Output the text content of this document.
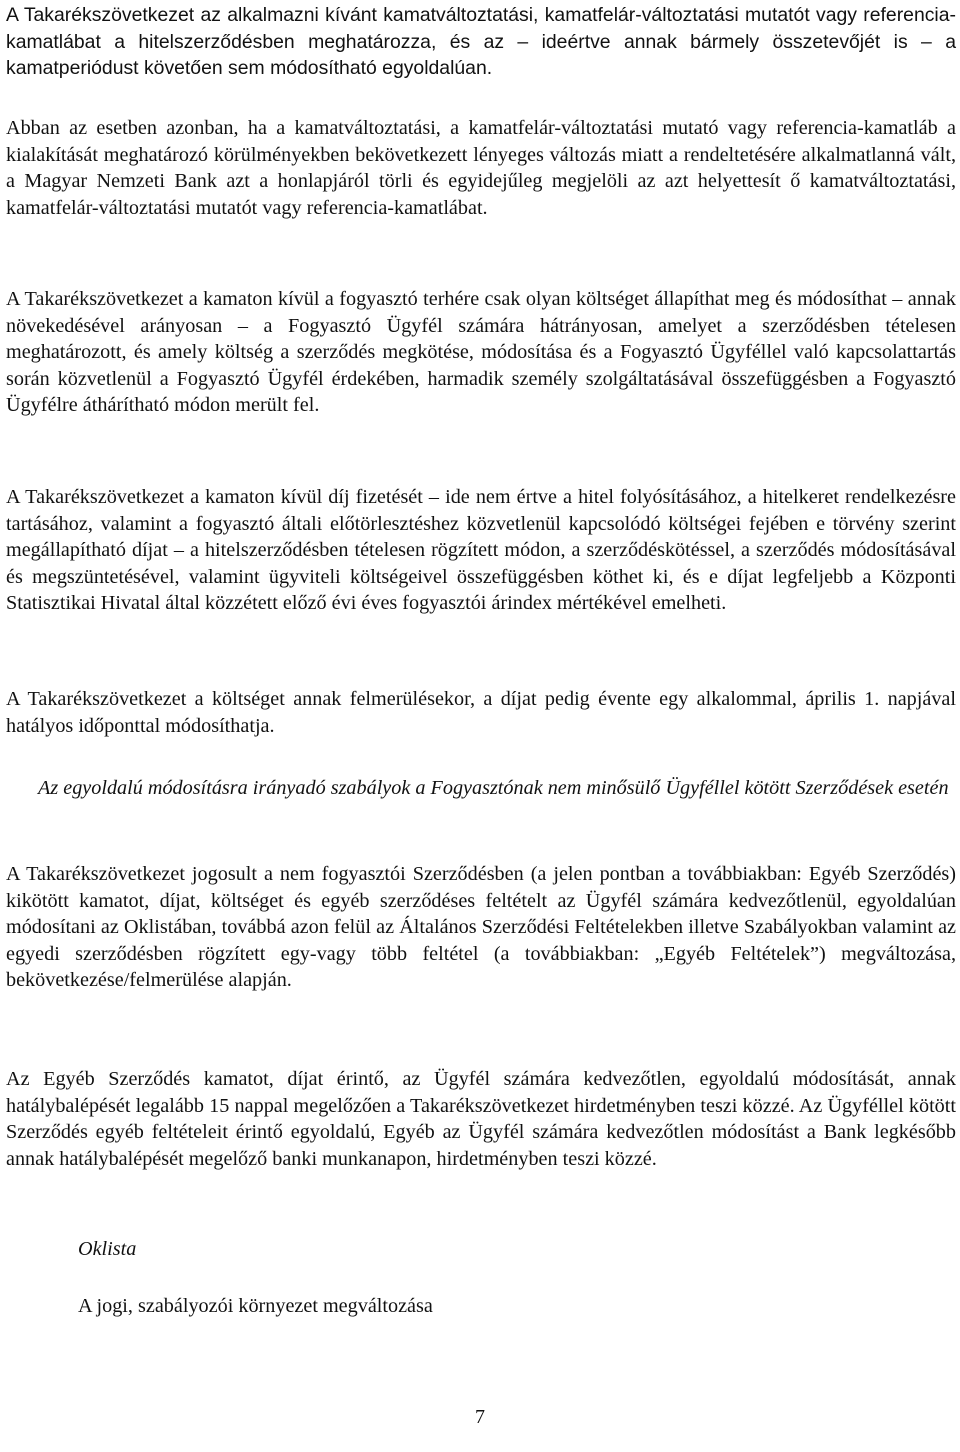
A Takarékszövetkezet az alkalmazni kívánt kamatváltoztatási, kamatfelár-változtatási mutatót vagy referencia-kamatlábat a hitelszerződésben meghatározza, és az – ideértve annak bármely összetevőjét is – a kamatperiódust követően sem módosítható egyoldalúan.

Abban az esetben azonban, ha a kamatváltoztatási, a kamatfelár-változtatási mutató vagy referencia-kamatláb a kialakítását meghatározó körülményekben bekövetkezett lényeges változás miatt a rendeltetésére alkalmatlanná vált, a Magyar Nemzeti Bank azt a honlapjáról törli és egyidejűleg megjelöli az azt helyettesít ő kamatváltoztatási, kamatfelár-változtatási mutatót vagy referencia-kamatlábat.

A Takarékszövetkezet a kamaton kívül a fogyasztó terhére csak olyan költséget állapíthat meg és módosíthat – annak növekedésével arányosan – a Fogyasztó Ügyfél számára hátrányosan, amelyet a szerződésben tételesen meghatározott, és amely költség a szerződés megkötése, módosítása és a Fogyasztó Ügyféllel való kapcsolattartás során közvetlenül a Fogyasztó Ügyfél érdekében, harmadik személy szolgáltatásával összefüggésben a Fogyasztó Ügyfélre áthárítható módon merült fel.

A Takarékszövetkezet a kamaton kívül díj fizetését – ide nem értve a hitel folyósításához, a hitelkeret rendelkezésre tartásához, valamint a fogyasztó általi előtörlesztéshez közvetlenül kapcsolódó költségei fejében e törvény szerint megállapítható díjat – a hitelszerződésben tételesen rögzített módon, a szerződéskötéssel, a szerződés módosításával és megszüntetésével, valamint ügyviteli költségeivel összefüggésben köthet ki, és e díjat legfeljebb a Központi Statisztikai Hivatal által közzétett előző évi éves fogyasztói árindex mértékével emelheti.

A Takarékszövetkezet a költséget annak felmerülésekor, a díjat pedig évente egy alkalommal, április 1. napjával hatályos időponttal módosíthatja.

Az egyoldalú módosításra irányadó szabályok a Fogyasztónak nem minősülő Ügyféllel kötött Szerződések esetén

A Takarékszövetkezet jogosult a nem fogyasztói Szerződésben (a jelen pontban a továbbiakban: Egyéb Szerződés) kikötött kamatot, díjat, költséget és egyéb szerződéses feltételt az Ügyfél számára kedvezőtlenül, egyoldalúan módosítani az Oklistában, továbbá azon felül az Általános Szerződési Feltételekben illetve Szabályokban valamint az egyedi szerződésben rögzített egy-vagy több feltétel (a továbbiakban: „Egyéb Feltételek”) megváltozása, bekövetkezése/felmerülése alapján.

Az Egyéb Szerződés kamatot, díjat érintő, az Ügyfél számára kedvezőtlen, egyoldalú módosítását, annak hatálybalépését legalább 15 nappal megelőzően a Takarékszövetkezet hirdetményben teszi közzé. Az Ügyféllel kötött Szerződés egyéb feltételeit érintő egyoldalú, Egyéb az Ügyfél számára kedvezőtlen módosítást a Bank legkésőbb annak hatálybalépését megelőző banki munkanapon, hirdetményben teszi közzé.

Oklista

A jogi, szabályozói környezet megváltozása

7
